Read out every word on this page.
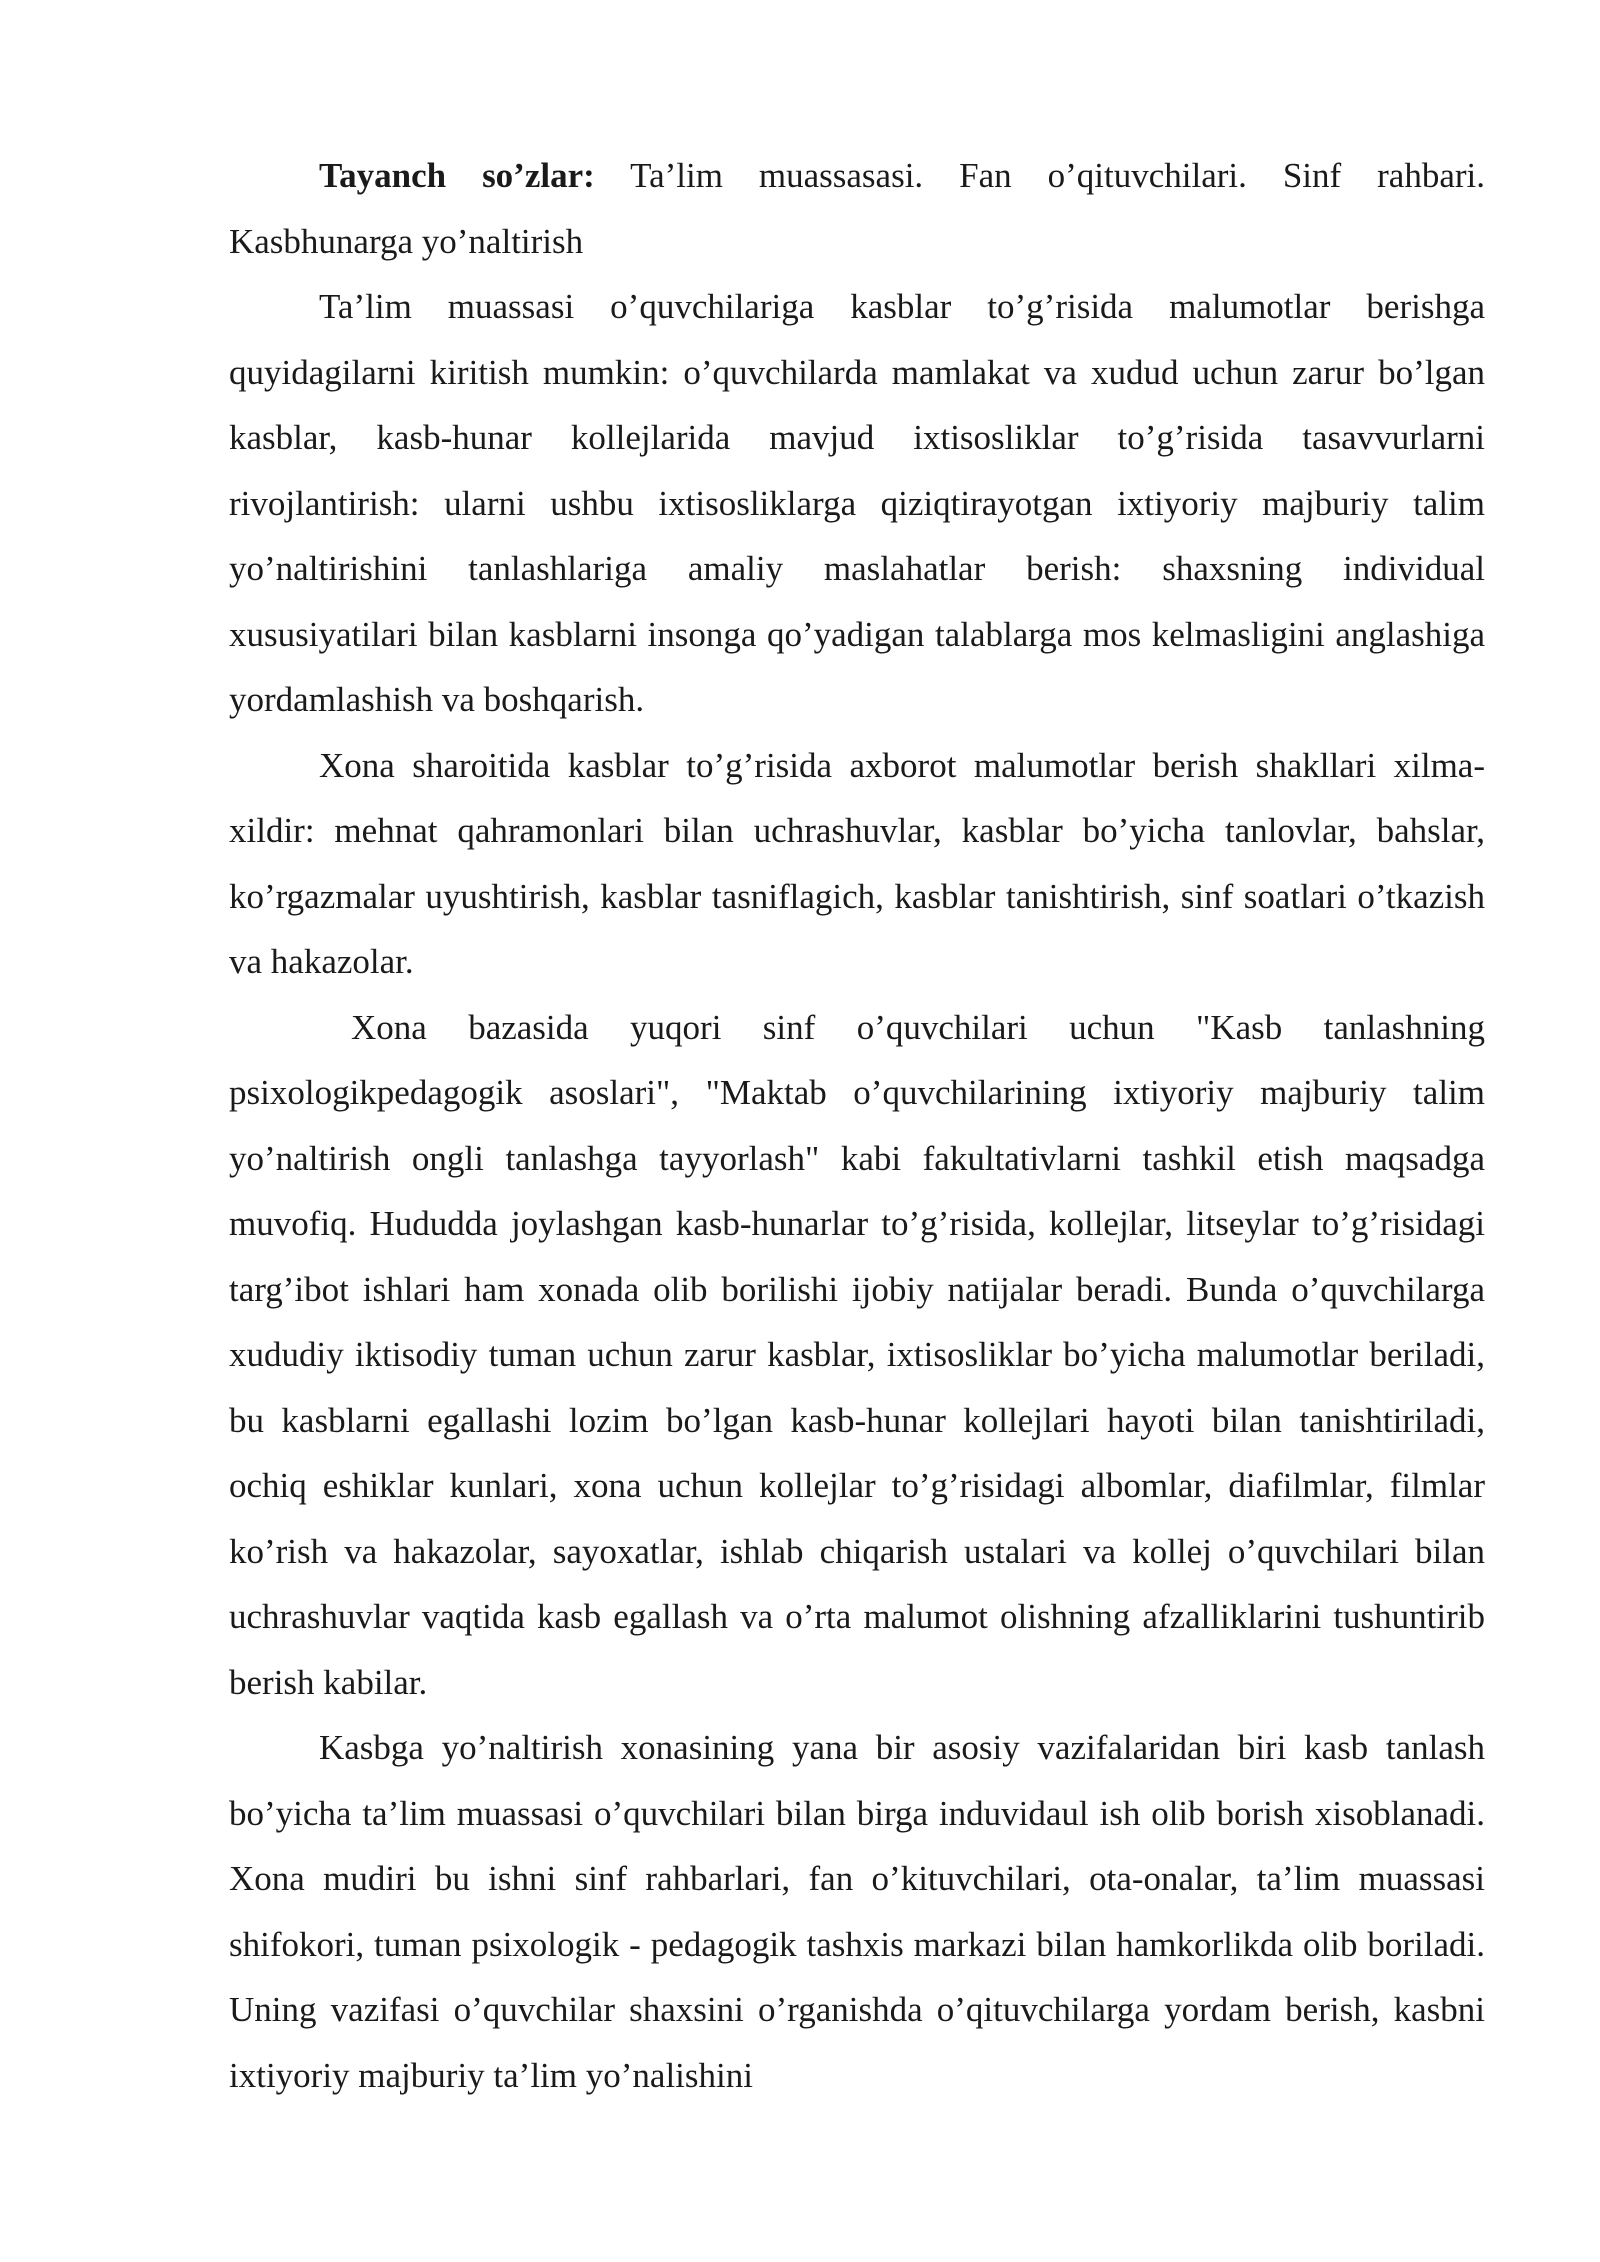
Tayanch so’zlar: Ta’lim muassasasi. Fan o’qituvchilari. Sinf rahbari. Kasbhunarga yo’naltirish

Ta’lim muassasi o’quvchilariga kasblar to’g’risida malumotlar berishga quyidagilarni kiritish mumkin: o’quvchilarda mamlakat va xudud uchun zarur bo’lgan kasblar, kasb-hunar kollejlarida mavjud ixtisosliklar to’g’risida tasavvurlarni rivojlantirish: ularni ushbu ixtisosliklarga qiziqtirayotgan ixtiyoriy majburiy talim yo’naltirishini tanlashlariga amaliy maslahatlar berish: shaxsning individual xususiyatilari bilan kasblarni insonga qo’yadigan talablarga mos kelmasligini anglashiga yordamlashish va boshqarish.

Xona sharoitida kasblar to’g’risida axborot malumotlar berish shakllari xilma-xildir: mehnat qahramonlari bilan uchrashuvlar, kasblar bo’yicha tanlovlar, bahslar, ko’rgazmalar uyushtirish, kasblar tasniflagich, kasblar tanishtirish, sinf soatlari o’tkazish va hakazolar.

Xona bazasida yuqori sinf o’quvchilari uchun "Kasb tanlashning psixologikpedagogik asoslari", "Maktab o’quvchilarining ixtiyoriy majburiy talim yo’naltirish ongli tanlashga tayyorlash" kabi fakultativlarni tashkil etish maqsadga muvofiq. Hududda joylashgan kasb-hunarlar to’g’risida, kollejlar, litseylar to’g’risidagi targ’ibot ishlari ham xonada olib borilishi ijobiy natijalar beradi. Bunda o’quvchilarga xududiy iktisodiy tuman uchun zarur kasblar, ixtisosliklar bo’yicha malumotlar beriladi, bu kasblarni egallashi lozim bo’lgan kasb-hunar kollejlari hayoti bilan tanishtiriladi, ochiq eshiklar kunlari, xona uchun kollejlar to’g’risidagi albomlar, diafilmlar, filmlar ko’rish va hakazolar, sayoxatlar, ishlab chiqarish ustalari va kollej o’quvchilari bilan uchrashuvlar vaqtida kasb egallash va o’rta malumot olishning afzalliklarini tushuntirib berish kabilar.

Kasbga yo’naltirish xonasining yana bir asosiy vazifalaridan biri kasb tanlash bo’yicha ta’lim muassasi o’quvchilari bilan birga induvidaul ish olib borish xisoblanadi. Xona mudiri bu ishni sinf rahbarlari, fan o’kituvchilari, ota-onalar, ta’lim muassasi shifokori, tuman psixologik - pedagogik tashxis markazi bilan hamkorlikda olib boriladi. Uning vazifasi o’quvchilar shaxsini o’rganishda o’qituvchilarga yordam berish, kasbni ixtiyoriy majburiy ta’lim yo’nalishini
